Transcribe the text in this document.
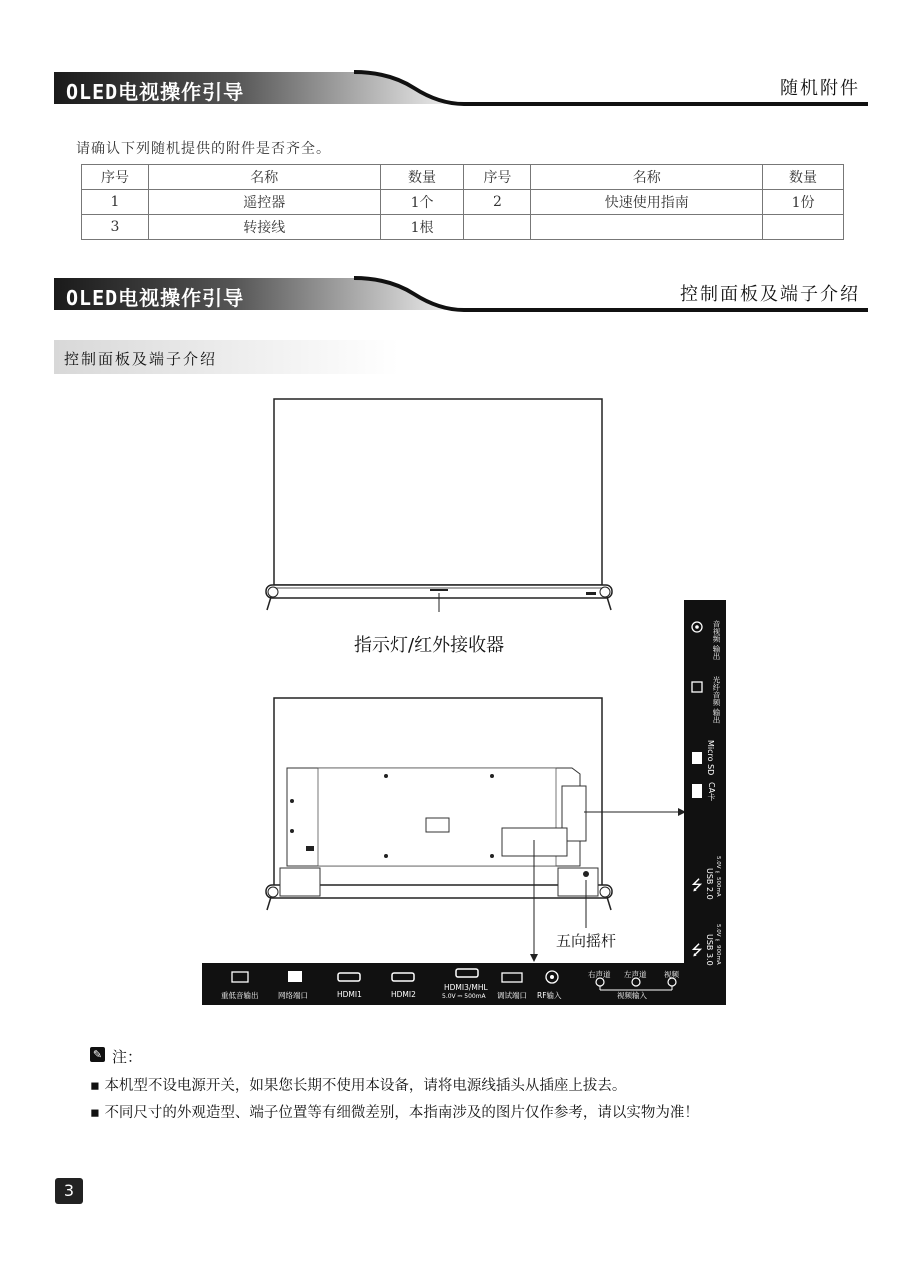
OLED电视操作引导	随机附件
请确认下列随机提供的附件是否齐全。
序号	名称	数量	序号	名称	数量
1	遥控器	1个	2	快速使用指南	1份
3	转接线	1根			
OLED电视操作引导	控制面板及端子介绍
控制面板及端子介绍
指示灯/红外接收器
五向摇杆
重低音输出	网络端口	HDMI1	HDMI2	调试端口 RF输入	视频输入
HDMI3/MHL
5.0V ⎓ 500mA
右声道 左声道 视频
⭍
⭍
音视频 输出
光纤音频 输出
Micro SD
CA卡
USB 2.0 5.0V ⎓ 500mA
USB 3.0 5.0V ⎓ 900mA
✎ 注：
▪ 本机型不设电源开关，如果您长期不使用本设备，请将电源线插头从插座上拔去。
▪ 不同尺寸的外观造型、端子位置等有细微差别，本指南涉及的图片仅作参考，请以实物为准！
3
